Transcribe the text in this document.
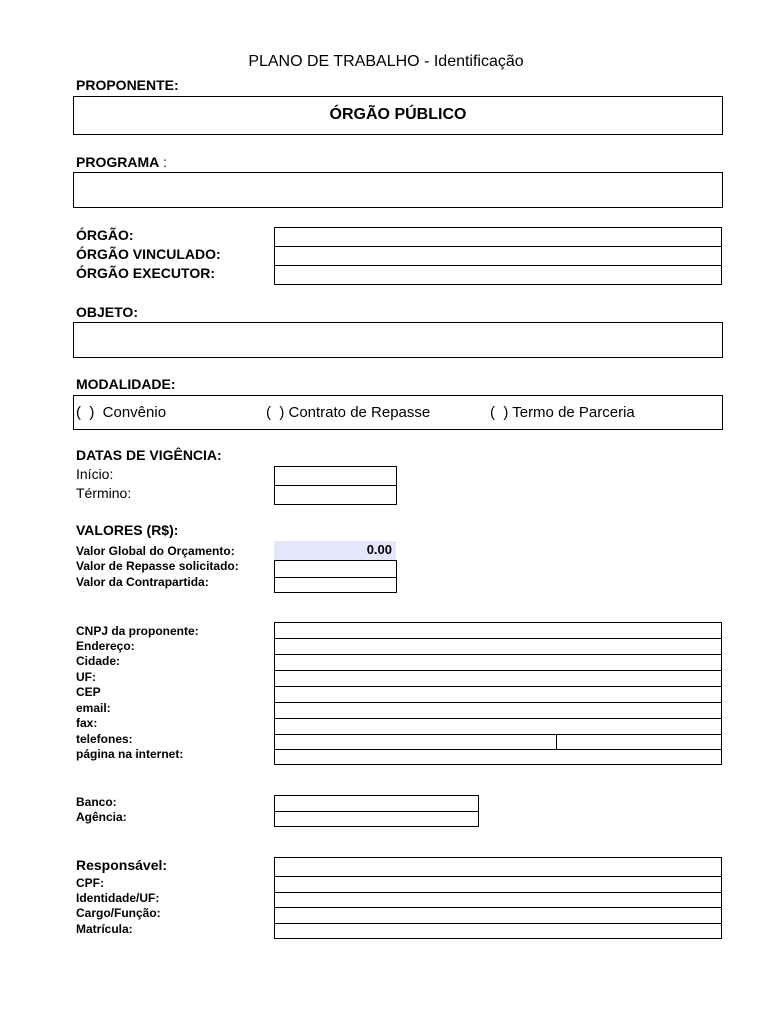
PLANO DE TRABALHO - Identificação
PROPONENTE:
ÓRGÃO PÚBLICO
PROGRAMA :
ÓRGÃO:
ÓRGÃO VINCULADO:
ÓRGÃO EXECUTOR:
OBJETO:
MODALIDADE:
(  )  Convênio	(  ) Contrato de Repasse	(  ) Termo de Parceria
DATAS DE VIGÊNCIA:
Início:
Término:
VALORES (R$):
Valor Global do Orçamento:
Valor de Repasse solicitado:
Valor da Contrapartida:
0.00
CNPJ da proponente:
Endereço:
Cidade:
UF:
CEP
email:
fax:
telefones:
página na internet:
Banco:
Agência:
Responsável:
CPF:
Identidade/UF:
Cargo/Função:
Matrícula:
